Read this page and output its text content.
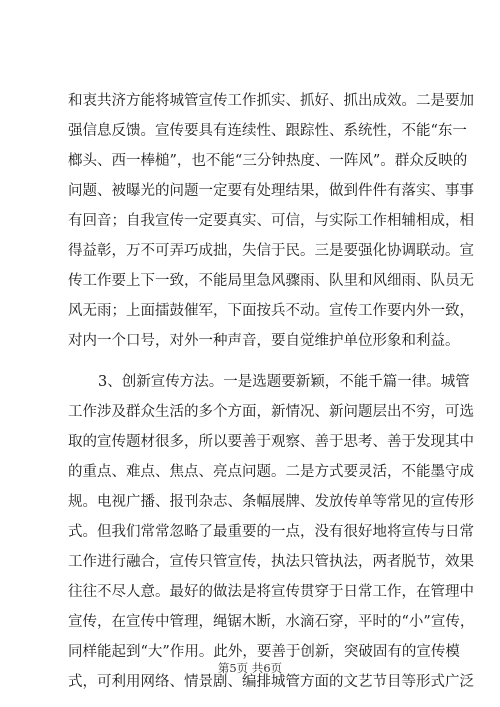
和衷共济方能将城管宣传工作抓实、抓好、抓出成效。二是要加
强信息反馈。宣传要具有连续性、跟踪性、系统性，不能“东一
榔头、西一棒槌”，也不能“三分钟热度、一阵风”。群众反映的
问题、被曝光的问题一定要有处理结果，做到件件有落实、事事
有回音；自我宣传一定要真实、可信，与实际工作相辅相成，相
得益彰，万不可弄巧成拙，失信于民。三是要强化协调联动。宣
传工作要上下一致，不能局里急风骤雨、队里和风细雨、队员无
风无雨；上面擂鼓催军，下面按兵不动。宣传工作要内外一致，
对内一个口号，对外一种声音，要自觉维护单位形象和利益。
3、创新宣传方法。一是选题要新颖，不能千篇一律。城管
工作涉及群众生活的多个方面，新情况、新问题层出不穷，可选
取的宣传题材很多，所以要善于观察、善于思考、善于发现其中
的重点、难点、焦点、亮点问题。二是方式要灵活，不能墨守成
规。电视广播、报刊杂志、条幅展牌、发放传单等常见的宣传形
式。但我们常常忽略了最重要的一点，没有很好地将宣传与日常
工作进行融合，宣传只管宣传，执法只管执法，两者脱节，效果
往往不尽人意。最好的做法是将宣传贯穿于日常工作，在管理中
宣传，在宣传中管理，绳锯木断，水滴石穿，平时的“小”宣传，
同样能起到“大”作用。此外，要善于创新，突破固有的宣传模
式，可利用网络、情景剧、编排城管方面的文艺节目等形式广泛
第5页 共6页
